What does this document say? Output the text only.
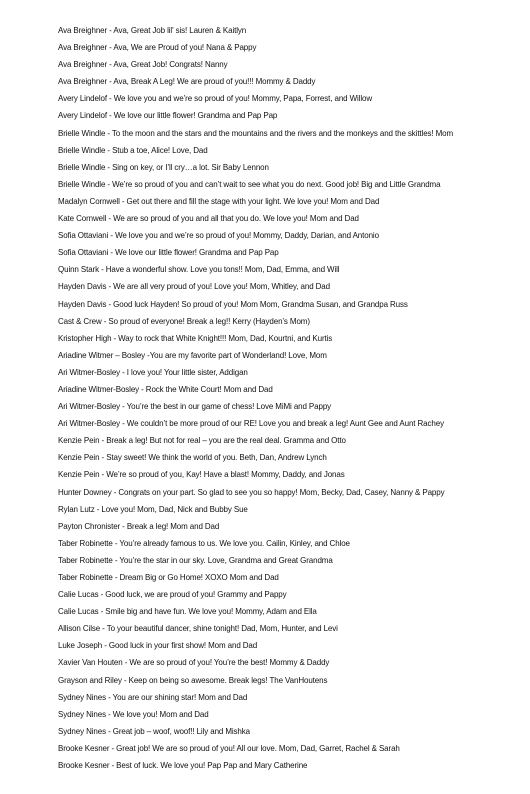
Ava Breighner - Ava, Great Job lil' sis! Lauren & Kaitlyn
Ava Breighner - Ava, We are Proud of you! Nana & Pappy
Ava Breighner - Ava, Great Job! Congrats! Nanny
Ava Breighner - Ava, Break A Leg! We are proud of you!!! Mommy & Daddy
Avery Lindelof - We love you and we’re so proud of you! Mommy, Papa, Forrest, and Willow
Avery Lindelof - We love our little flower! Grandma and Pap Pap
Brielle Windle - To the moon and the stars and the mountains and the rivers and the monkeys and the skittles! Mom
Brielle Windle - Stub a toe, Alice! Love, Dad
Brielle Windle - Sing on key, or I’ll cry…a lot. Sir Baby Lennon
Brielle Windle - We’re so proud of you and can’t wait to see what you do next. Good job! Big and Little Grandma
Madalyn Cornwell - Get out there and fill the stage with your light. We love you! Mom and Dad
Kate Cornwell - We are so proud of you and all that you do. We love you! Mom and Dad
Sofia Ottaviani - We love you and we’re so proud of you! Mommy, Daddy, Darian, and Antonio
Sofia Ottaviani - We love our little flower! Grandma and Pap Pap
Quinn Stark - Have a wonderful show. Love you tons!! Mom, Dad, Emma, and Will
Hayden Davis - We are all very proud of you! Love you! Mom, Whitley, and Dad
Hayden Davis - Good luck Hayden! So proud of you! Mom Mom, Grandma Susan, and Grandpa Russ
Cast & Crew - So proud of everyone! Break a leg!! Kerry (Hayden’s Mom)
Kristopher High - Way to rock that White Knight!!! Mom, Dad, Kourtni, and Kurtis
Ariadine Witmer – Bosley -You are my favorite part of Wonderland! Love, Mom
Ari Witmer-Bosley - I love you! Your little sister, Addigan
Ariadine Witmer-Bosley - Rock the White Court! Mom and Dad
Ari Witmer-Bosley - You’re the best in our game of chess! Love MiMi and Pappy
Ari Witmer-Bosley - We couldn’t be more proud of our RE! Love you and break a leg! Aunt Gee and Aunt Rachey
Kenzie Pein - Break a leg! But not for real – you are the real deal. Gramma and Otto
Kenzie Pein - Stay sweet! We think the world of you. Beth, Dan, Andrew Lynch
Kenzie Pein - We’re so proud of you, Kay! Have a blast! Mommy, Daddy, and Jonas
Hunter Downey - Congrats on your part. So glad to see you so happy! Mom, Becky, Dad, Casey, Nanny & Pappy
Rylan Lutz - Love you! Mom, Dad, Nick and Bubby Sue
Payton Chronister - Break a leg! Mom and Dad
Taber Robinette - You’re already famous to us. We love you. Cailin, Kinley, and Chloe
Taber Robinette - You’re the star in our sky. Love, Grandma and Great Grandma
Taber Robinette - Dream Big or Go Home! XOXO Mom and Dad
Calie Lucas - Good luck, we are proud of you! Grammy and Pappy
Calie Lucas - Smile big and have fun. We love you! Mommy, Adam and Ella
Allison Cilse - To your beautiful dancer, shine tonight! Dad, Mom, Hunter, and Levi
Luke Joseph - Good luck in your first show! Mom and Dad
Xavier Van Houten - We are so proud of you! You’re the best! Mommy & Daddy
Grayson and Riley - Keep on being so awesome. Break legs! The VanHoutens
Sydney Nines - You are our shining star! Mom and Dad
Sydney Nines - We love you! Mom and Dad
Sydney Nines - Great job – woof, woof!! Lily and Mishka
Brooke Kesner - Great job! We are so proud of you! All our love. Mom, Dad, Garret, Rachel & Sarah
Brooke Kesner - Best of luck. We love you! Pap Pap and Mary Catherine
